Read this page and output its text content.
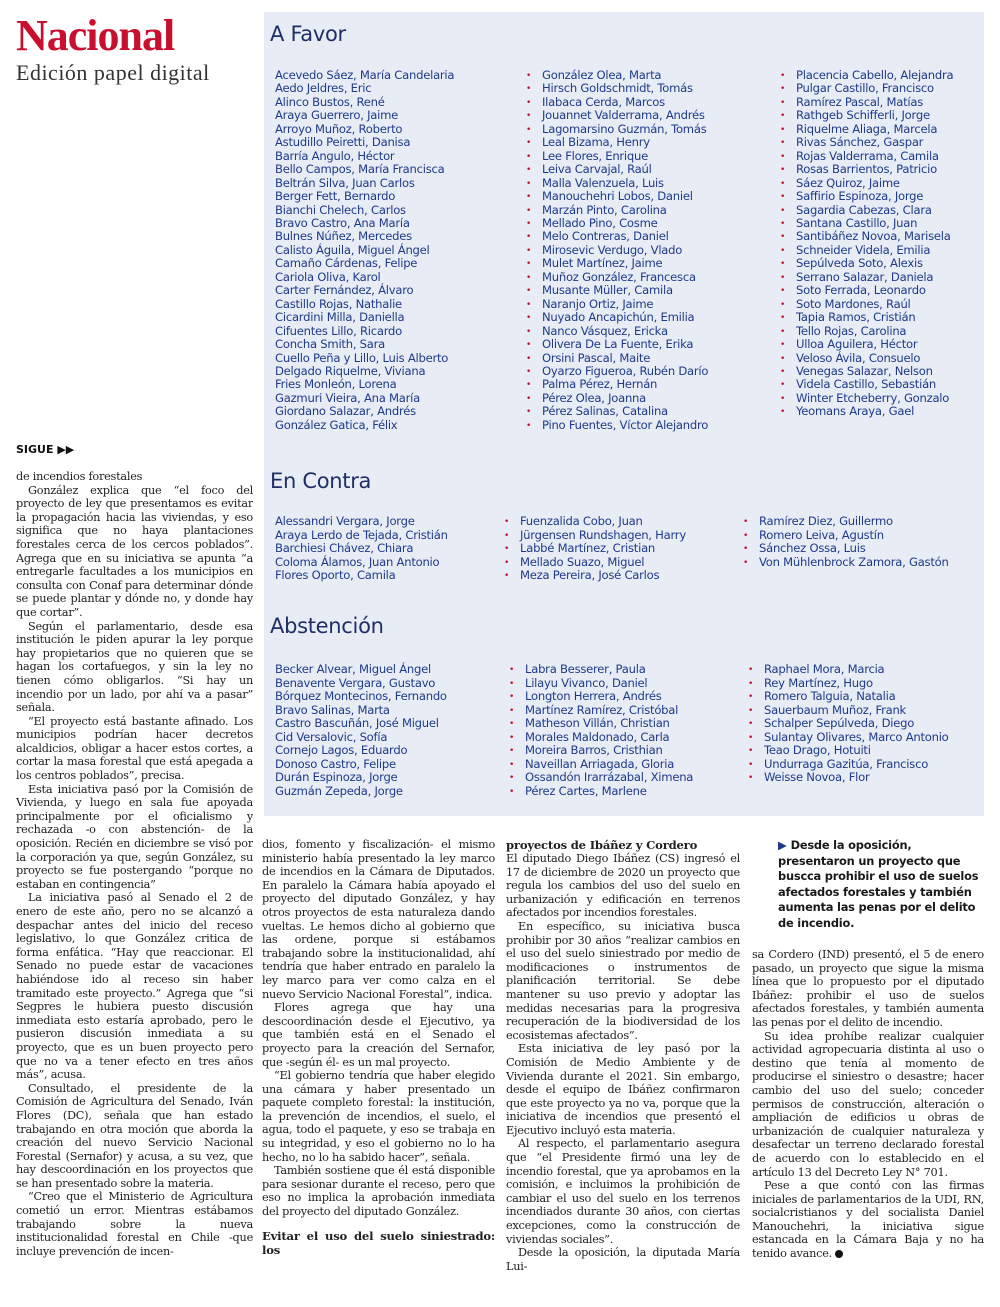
Nacional
Edición papel digital
A Favor
Acevedo Sáez, María Candelaria
Aedo Jeldres, Eric
Alinco Bustos, René
Araya Guerrero, Jaime
Arroyo Muñoz, Roberto
Astudillo Peiretti, Danisa
Barría Angulo, Héctor
Bello Campos, María Francisca
Beltrán Silva, Juan Carlos
Berger Fett, Bernardo
Bianchi Chelech, Carlos
Bravo Castro, Ana María
Bulnes Núñez, Mercedes
Calisto Águila, Miguel Ángel
Camaño Cárdenas, Felipe
Cariola Oliva, Karol
Carter Fernández, Álvaro
Castillo Rojas, Nathalie
Cicardini Milla, Daniella
Cifuentes Lillo, Ricardo
Concha Smith, Sara
Cuello Peña y Lillo, Luis Alberto
Delgado Riquelme, Viviana
Fries Monleón, Lorena
Gazmuri Vieira, Ana María
Giordano Salazar, Andrés
González Gatica, Félix
• González Olea, Marta
• Hirsch Goldschmidt, Tomás
• Ilabaca Cerda, Marcos
• Jouannet Valderrama, Andrés
• Lagomarsino Guzmán, Tomás
• Leal Bizama, Henry
• Lee Flores, Enrique
• Leiva Carvajal, Raúl
• Malla Valenzuela, Luis
• Manouchehri Lobos, Daniel
• Marzán Pinto, Carolina
• Mellado Pino, Cosme
• Melo Contreras, Daniel
• Mirosevic Verdugo, Vlado
• Mulet Martínez, Jaime
• Muñoz González, Francesca
• Musante Müller, Camila
• Naranjo Ortiz, Jaime
• Nuyado Ancapichún, Emilia
• Nanco Vásquez, Ericka
• Olivera De La Fuente, Erika
• Orsini Pascal, Maite
• Oyarzo Figueroa, Rubén Darío
• Palma Pérez, Hernán
• Pérez Olea, Joanna
• Pérez Salinas, Catalina
• Pino Fuentes, Víctor Alejandro
• Placencia Cabello, Alejandra
• Pulgar Castillo, Francisco
• Ramírez Pascal, Matías
• Rathgeb Schifferli, Jorge
• Riquelme Aliaga, Marcela
• Rivas Sánchez, Gaspar
• Rojas Valderrama, Camila
• Rosas Barrientos, Patricio
• Sáez Quiroz, Jaime
• Saffirio Espinoza, Jorge
• Sagardia Cabezas, Clara
• Santana Castillo, Juan
• Santibáñez Novoa, Marisela
• Schneider Videla, Emilia
• Sepúlveda Soto, Alexis
• Serrano Salazar, Daniela
• Soto Ferrada, Leonardo
• Soto Mardones, Raúl
• Tapia Ramos, Cristián
• Tello Rojas, Carolina
• Ulloa Aguilera, Héctor
• Veloso Ávila, Consuelo
• Venegas Salazar, Nelson
• Videla Castillo, Sebastián
• Winter Etcheberry, Gonzalo
• Yeomans Araya, Gael
En Contra
Alessandri Vergara, Jorge
Araya Lerdo de Tejada, Cristián
Barchiesi Chávez, Chiara
Coloma Álamos, Juan Antonio
Flores Oporto, Camila
• Fuenzalida Cobo, Juan
• Jürgensen Rundshagen, Harry
• Labbé Martínez, Cristian
• Mellado Suazo, Miguel
• Meza Pereira, José Carlos
• Ramírez Diez, Guillermo
• Romero Leiva, Agustín
• Sánchez Ossa, Luis
• Von Mühlenbrock Zamora, Gastón
Abstención
Becker Alvear, Miguel Ángel
Benavente Vergara, Gustavo
Bórquez Montecinos, Fernando
Bravo Salinas, Marta
Castro Bascuñán, José Miguel
Cid Versalovic, Sofía
Cornejo Lagos, Eduardo
Donoso Castro, Felipe
Durán Espinoza, Jorge
Guzmán Zepeda, Jorge
• Labra Besserer, Paula
• Lilayu Vivanco, Daniel
• Longton Herrera, Andrés
• Martínez Ramírez, Cristóbal
• Matheson Villán, Christian
• Morales Maldonado, Carla
• Moreira Barros, Cristhian
• Naveillan Arriagada, Gloria
• Ossandón Irarrázabal, Ximena
• Pérez Cartes, Marlene
• Raphael Mora, Marcia
• Rey Martínez, Hugo
• Romero Talguia, Natalia
• Sauerbaum Muñoz, Frank
• Schalper Sepúlveda, Diego
• Sulantay Olivares, Marco Antonio
• Teao Drago, Hotuiti
• Undurraga Gazitúa, Francisco
• Weisse Novoa, Flor
SIGUE ▶▶

de incendios forestales

González explica que “el foco del proyecto de ley que presentamos es evitar la propagación hacia las viviendas, y eso significa que no haya plantaciones forestales cerca de los cercos poblados”. Agrega que en su iniciativa se apunta “a entregarle facultades a los municipios en consulta con Conaf para determinar dónde se puede plantar y dónde no, y donde hay que cortar”.

Según el parlamentario, desde esa institución le piden apurar la ley porque hay propietarios que no quieren que se hagan los cortafuegos, y sin la ley no tienen cómo obligarlos. “Si hay un incendio por un lado, por ahí va a pasar” señala.

“El proyecto está bastante afinado. Los municipios podrían hacer decretos alcaldicios, obligar a hacer estos cortes, a cortar la masa forestal que está apegada a los centros poblados”, precisa.

Esta iniciativa pasó por la Comisión de Vivienda, y luego en sala fue apoyada principalmente por el oficialismo y rechazada -o con abstención- de la oposición. Recién en diciembre se visó por la corporación ya que, según González, su proyecto se fue postergando “porque no estaban en contingencia”

La iniciativa pasó al Senado el 2 de enero de este año, pero no se alcanzó a despachar antes del inicio del receso legislativo, lo que González critica de forma enfática. “Hay que reaccionar. El Senado no puede estar de vacaciones habiéndose ido al receso sin haber tramitado este proyecto.” Agrega que “si Segpres le hubiera puesto discusión inmediata esto estaría aprobado, pero le pusieron discusión inmediata a su proyecto, que es un buen proyecto pero que no va a tener efecto en tres años más”, acusa.

Consultado, el presidente de la Comisión de Agricultura del Senado, Iván Flores (DC), señala que han estado trabajando en otra moción que aborda la creación del nuevo Servicio Nacional Forestal (Sernafor) y acusa, a su vez, que hay descoordinación en los proyectos que se han presentado sobre la materia.

“Creo que el Ministerio de Agricultura cometió un error. Mientras estábamos trabajando sobre la nueva institucionalidad forestal en Chile -que incluye prevención de incen-

dios, fomento y fiscalización- el mismo ministerio había presentado la ley marco de incendios en la Cámara de Diputados. En paralelo la Cámara había apoyado el proyecto del diputado González, y hay otros proyectos de esta naturaleza dando vueltas. Le hemos dicho al gobierno que las ordene, porque si estábamos trabajando sobre la institucionalidad, ahí tendría que haber entrado en paralelo la ley marco para ver como calza en el nuevo Servicio Nacional Forestal”, indica.

Flores agrega que hay una descoordinación desde el Ejecutivo, ya que también está en el Senado el proyecto para la creación del Sernafor, que -según él- es un mal proyecto.

“El gobierno tendría que haber elegido una cámara y haber presentado un paquete completo forestal: la institución, la prevención de incendios, el suelo, el agua, todo el paquete, y eso se trabaja en su integridad, y eso el gobierno no lo ha hecho, no lo ha sabido hacer”, señala.

También sostiene que él está disponible para sesionar durante el receso, pero que eso no implica la aprobación inmediata del proyecto del diputado González.

Evitar el uso del suelo siniestrado: los
proyectos de Ibáñez y Cordero

El diputado Diego Ibáñez (CS) ingresó el 17 de diciembre de 2020 un proyecto que regula los cambios del uso del suelo en urbanización y edificación en terrenos afectados por incendios forestales.

En específico, su iniciativa busca prohibir por 30 años “realizar cambios en el uso del suelo siniestrado por medio de modificaciones o instrumentos de planificación territorial. Se debe mantener su uso previo y adoptar las medidas necesarias para la progresiva recuperación de la biodiversidad de los ecosistemas afectados”.

Esta iniciativa de ley pasó por la Comisión de Medio Ambiente y de Vivienda durante el 2021. Sin embargo, desde el equipo de Ibáñez confirmaron que este proyecto ya no va, porque que la iniciativa de incendios que presentó el Ejecutivo incluyó esta materia.

Al respecto, el parlamentario asegura que “el Presidente firmó una ley de incendio forestal, que ya aprobamos en la comisión, e incluimos la prohibición de cambiar el uso del suelo en los terrenos incendiados durante 30 años, con ciertas excepciones, como la construcción de viviendas sociales”.

Desde la oposición, la diputada María Lui-

▶ Desde la oposición, presentaron un proyecto que buscca prohibir el uso de suelos afectados forestales y también aumenta las penas por el delito de incendio.

sa Cordero (IND) presentó, el 5 de enero pasado, un proyecto que sigue la misma línea que lo propuesto por el diputado Ibáñez: prohibir el uso de suelos afectados forestales, y también aumenta las penas por el delito de incendio.

Su idea prohíbe realizar cualquier actividad agropecuaria distinta al uso o destino que tenía al momento de producirse el siniestro o desastre; hacer cambio del uso del suelo; conceder permisos de construcción, alteración o ampliación de edificios u obras de urbanización de cualquier naturaleza y desafectar un terreno declarado forestal de acuerdo con lo establecido en el artículo 13 del Decreto Ley N° 701.

Pese a que contó con las firmas iniciales de parlamentarios de la UDI, RN, socialcristianos y del socialista Daniel Manouchehri, la iniciativa sigue estancada en la Cámara Baja y no ha tenido avance.
